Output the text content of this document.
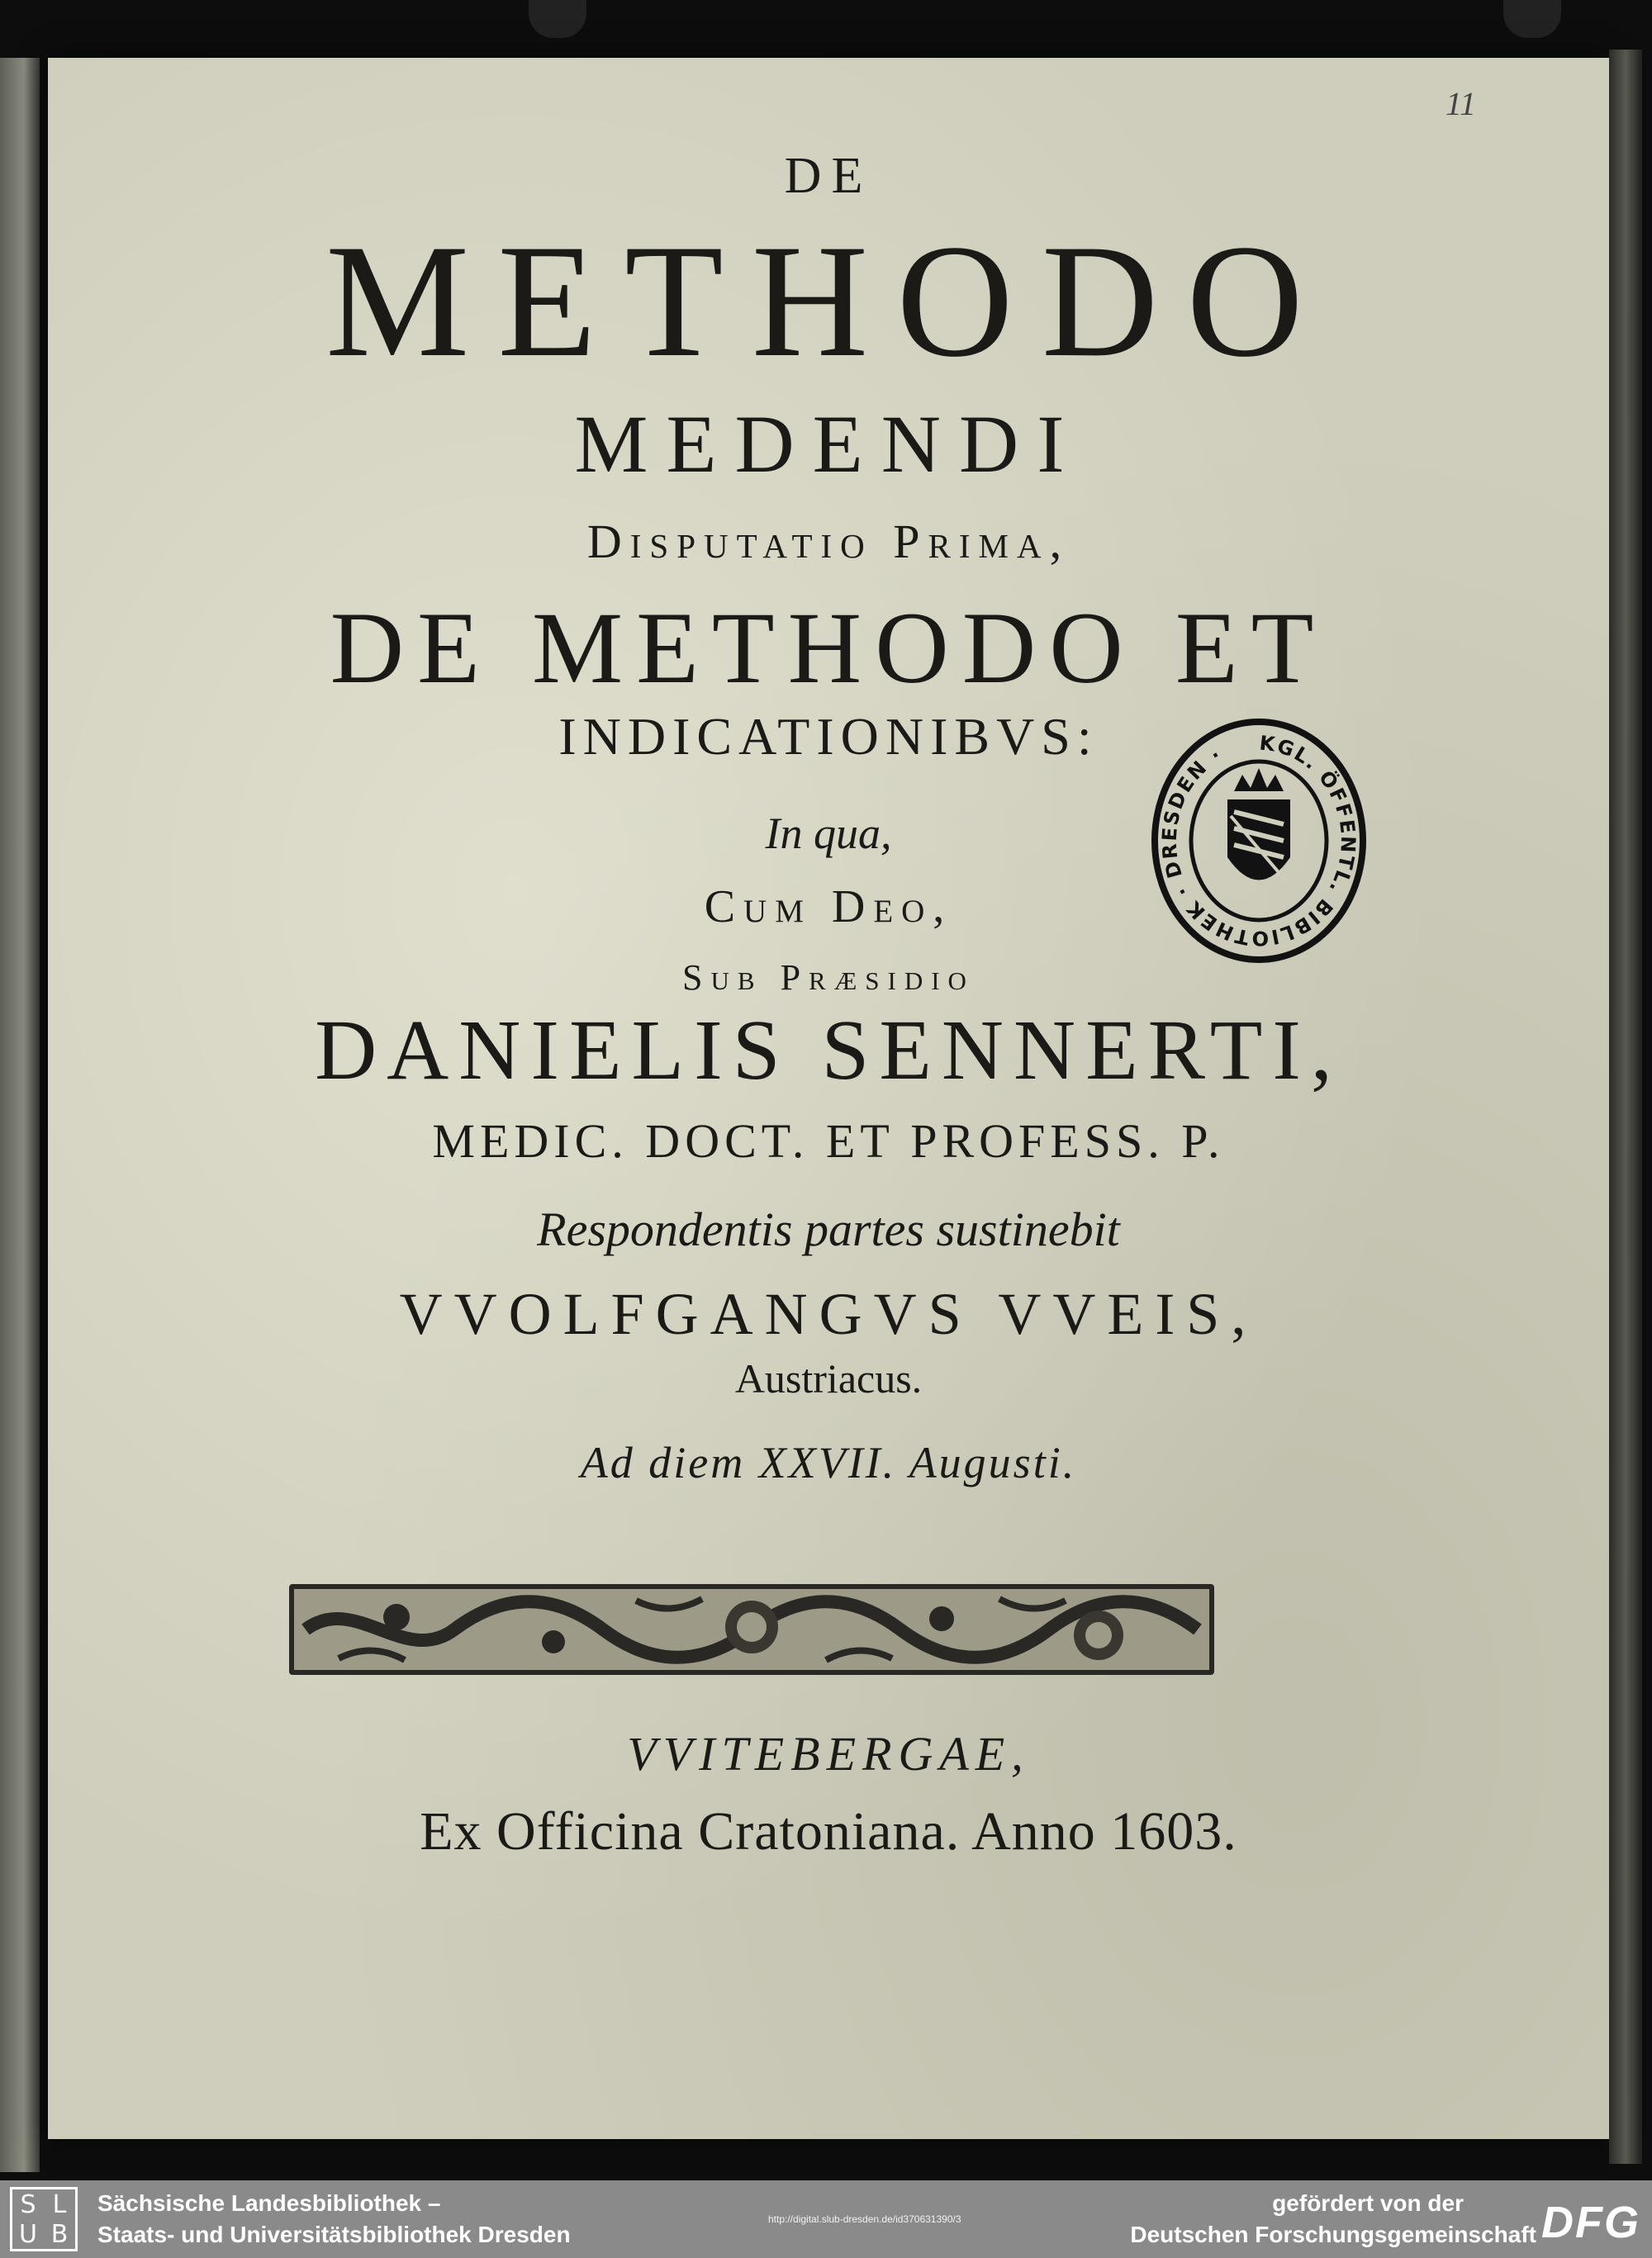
11
DE
METHODO
MEDENDI
Disputatio Prima,
DE METHODO ET
INDICATIONIBVS:
In qua,
Cum Deo,
Sub Præsidio
DANIELIS SENNERTI,
MEDIC. DOCT. ET PROFESS. P.
Respondentis partes sustinebit
VVOLFGANGVS VVEIS,
Austriacus.
Ad diem XXVII. Augusti.
VVITEBERGAE,
Ex Officina Cratoniana. Anno 1603.
KGL. ÖFFENTL. BIBLIOTHEK · DRESDEN ·
S L
U B
Sächsische Landesbibliothek –
Staats- und Universitätsbibliothek Dresden
http://digital.slub-dresden.de/id370631390/3
gefördert von der
Deutschen Forschungsgemeinschaft DFG
